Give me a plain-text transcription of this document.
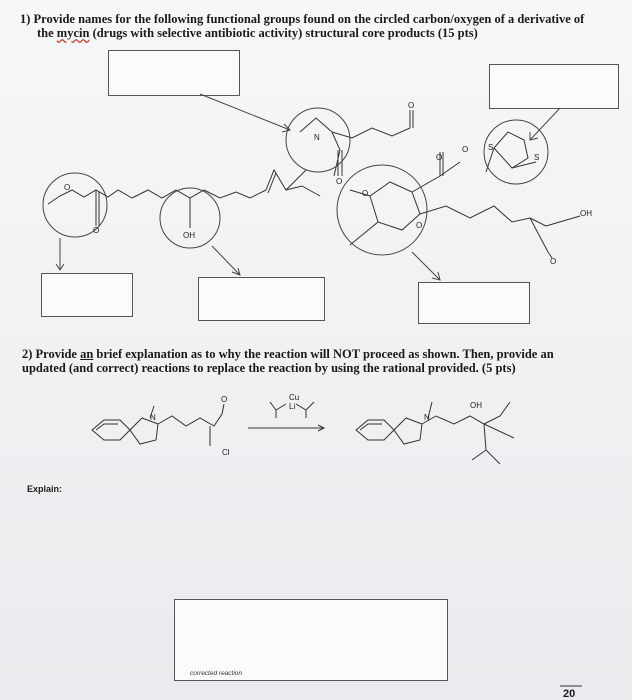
1) Provide names for the following functional groups found on the circled carbon/oxygen of a derivative of
the mycin (drugs with selective antibiotic activity) structural core products (15 pts)
2) Provide an brief explanation as to why the reaction will NOT proceed as shown. Then, provide an
updated (and correct) reactions to replace the reaction by using the rational provided. (5 pts)
Explain:
corrected reaction
O
O
OH
N
O
O
O
O
O
O
S
S
OH
O
N
O
Cl
Cu
Li
N
OH
20
